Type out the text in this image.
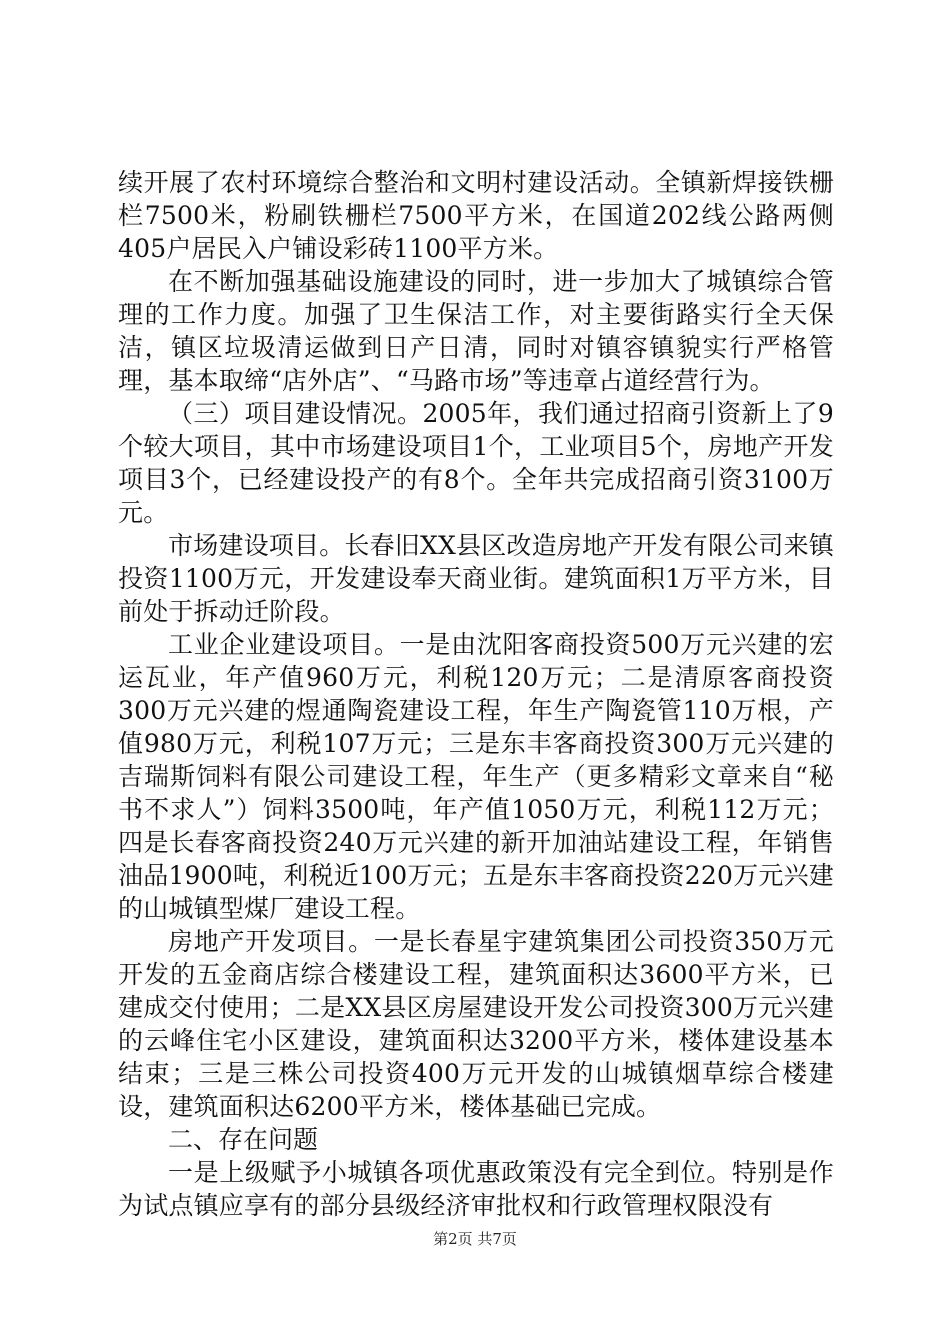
续开展了农村环境综合整治和文明村建设活动。全镇新焊接铁栅栏7500米，粉刷铁栅栏7500平方米，在国道202线公路两侧405户居民入户铺设彩砖1100平方米。

在不断加强基础设施建设的同时，进一步加大了城镇综合管理的工作力度。加强了卫生保洁工作，对主要街路实行全天保洁，镇区垃圾清运做到日产日清，同时对镇容镇貌实行严格管理，基本取缔“店外店”、“马路市场”等违章占道经营行为。

（三）项目建设情况。2005年，我们通过招商引资新上了9个较大项目，其中市场建设项目1个，工业项目5个，房地产开发项目3个，已经建设投产的有8个。全年共完成招商引资3100万元。

市场建设项目。长春旧XX县区改造房地产开发有限公司来镇投资1100万元，开发建设奉天商业街。建筑面积1万平方米，目前处于拆动迁阶段。

工业企业建设项目。一是由沈阳客商投资500万元兴建的宏运瓦业，年产值960万元，利税120万元；二是清原客商投资300万元兴建的煜通陶瓷建设工程，年生产陶瓷管110万根，产值980万元，利税107万元；三是东丰客商投资300万元兴建的吉瑞斯饲料有限公司建设工程，年生产（更多精彩文章来自“秘书不求人”）饲料3500吨，年产值1050万元，利税112万元；四是长春客商投资240万元兴建的新开加油站建设工程，年销售油品1900吨，利税近100万元；五是东丰客商投资220万元兴建的山城镇型煤厂建设工程。

房地产开发项目。一是长春星宇建筑集团公司投资350万元开发的五金商店综合楼建设工程，建筑面积达3600平方米，已建成交付使用；二是XX县区房屋建设开发公司投资300万元兴建的云峰住宅小区建设，建筑面积达3200平方米，楼体建设基本结束；三是三株公司投资400万元开发的山城镇烟草综合楼建设，建筑面积达6200平方米，楼体基础已完成。

二、存在问题

一是上级赋予小城镇各项优惠政策没有完全到位。特别是作为试点镇应享有的部分县级经济审批权和行政管理权限没有

第2页 共7页
